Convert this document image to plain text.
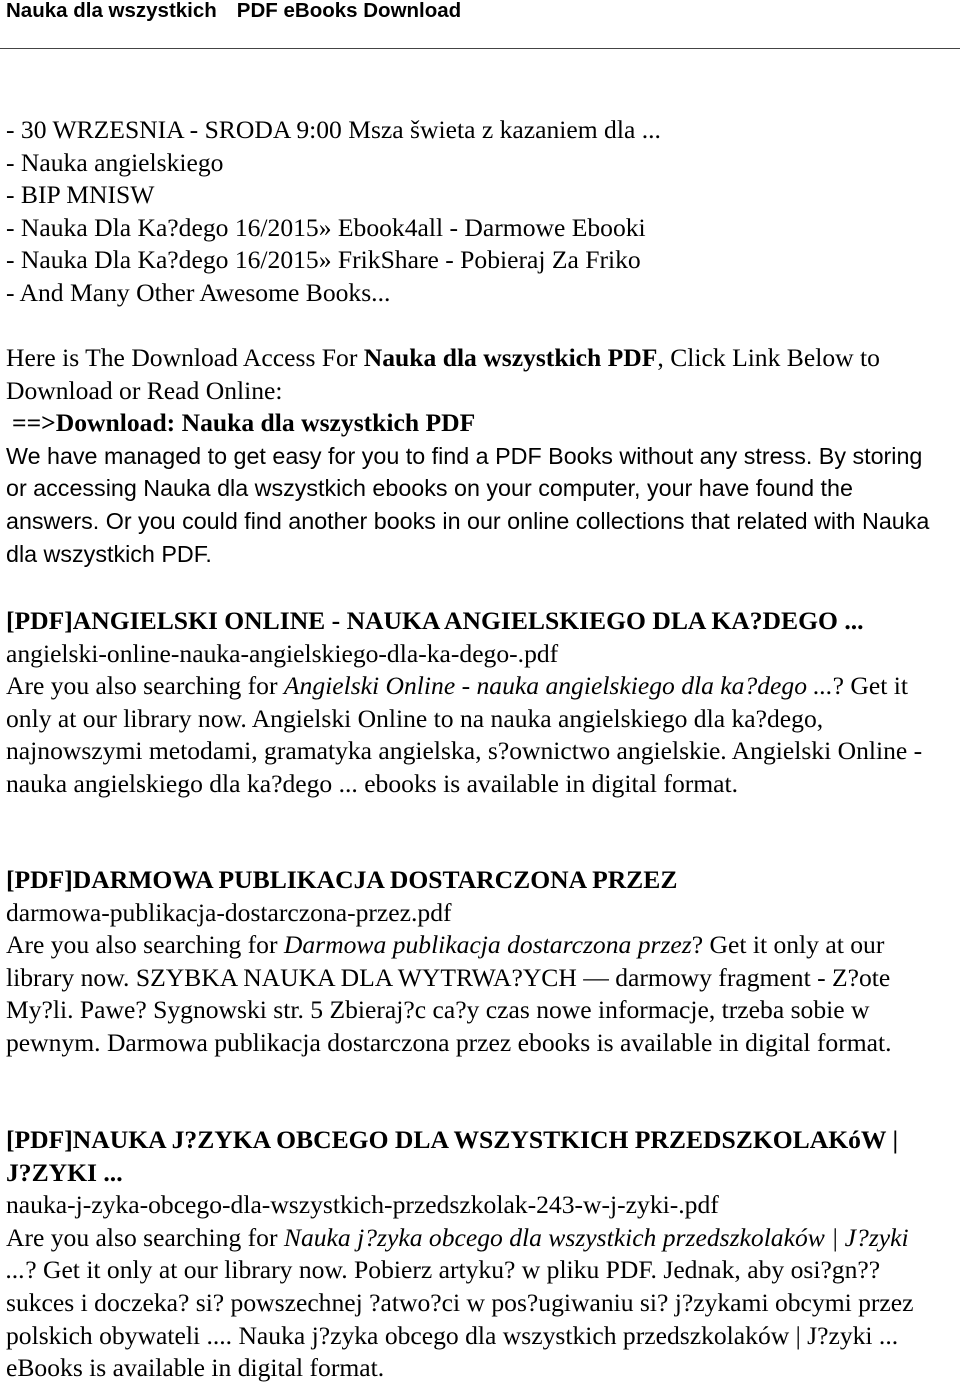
Nauka dla wszystkich PDF eBooks Download
- 30 WRZESNIA - SRODA 9:00 Msza šwieta z kazaniem dla ...
- Nauka angielskiego
- BIP MNISW
- Nauka Dla Ka?dego 16/2015» Ebook4all - Darmowe Ebooki
- Nauka Dla Ka?dego 16/2015» FrikShare - Pobieraj Za Friko
- And Many Other Awesome Books...
Here is The Download Access For Nauka dla wszystkich PDF, Click Link Below to
Download or Read Online:
==>Download: Nauka dla wszystkich PDF
We have managed to get easy for you to find a PDF Books without any stress. By storing
or accessing Nauka dla wszystkich ebooks on your computer, your have found the
answers. Or you could find another books in our online collections that related with Nauka
dla wszystkich PDF.
[PDF]ANGIELSKI ONLINE - NAUKA ANGIELSKIEGO DLA KA?DEGO ...
angielski-online-nauka-angielskiego-dla-ka-dego-.pdf
Are you also searching for Angielski Online - nauka angielskiego dla ka?dego ...? Get it
only at our library now. Angielski Online to na nauka angielskiego dla ka?dego,
najnowszymi metodami, gramatyka angielska, s?ownictwo angielskie. Angielski Online -
nauka angielskiego dla ka?dego ... ebooks is available in digital format.
[PDF]DARMOWA PUBLIKACJA DOSTARCZONA PRZEZ
darmowa-publikacja-dostarczona-przez.pdf
Are you also searching for Darmowa publikacja dostarczona przez? Get it only at our
library now. SZYBKA NAUKA DLA WYTRWA?YCH — darmowy fragment - Z?ote
My?li. Pawe? Sygnowski str. 5 Zbieraj?c ca?y czas nowe informacje, trzeba sobie w
pewnym. Darmowa publikacja dostarczona przez ebooks is available in digital format.
[PDF]NAUKA J?ZYKA OBCEGO DLA WSZYSTKICH PRZEDSZKOLAKóW |
J?ZYKI ...
nauka-j-zyka-obcego-dla-wszystkich-przedszkolak-243-w-j-zyki-.pdf
Are you also searching for Nauka j?zyka obcego dla wszystkich przedszkolaków | J?zyki
...? Get it only at our library now. Pobierz artyku? w pliku PDF. Jednak, aby osi?gn??
sukces i doczeka? si? powszechnej ?atwo?ci w pos?ugiwaniu si? j?zykami obcymi przez
polskich obywateli .... Nauka j?zyka obcego dla wszystkich przedszkolaków | J?zyki ...
eBooks is available in digital format.
